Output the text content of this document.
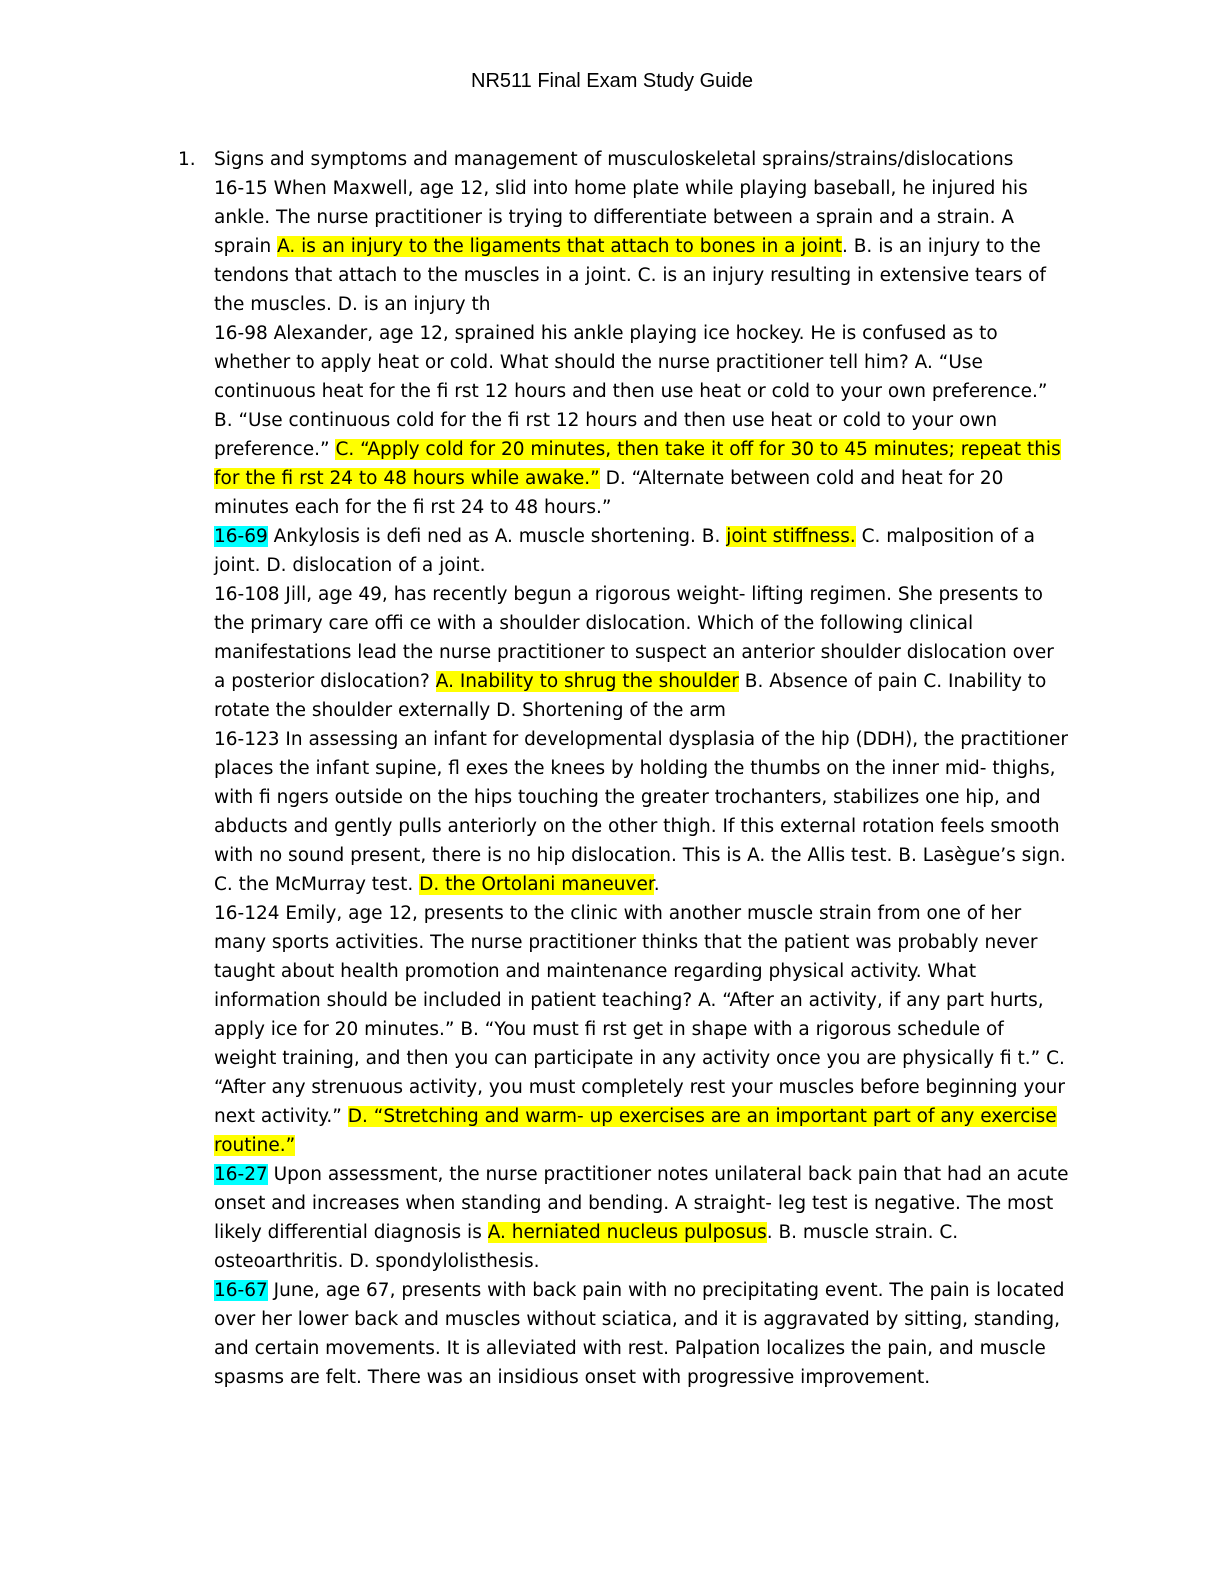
NR511 Final Exam Study Guide
1. Signs and symptoms and management of musculoskeletal sprains/strains/dislocations
16-15 When Maxwell, age 12, slid into home plate while playing baseball, he injured his ankle. The nurse practitioner is trying to differentiate between a sprain and a strain. A sprain A. is an injury to the ligaments that attach to bones in a joint. B. is an injury to the tendons that attach to the muscles in a joint. C. is an injury resulting in extensive tears of the muscles. D. is an injury th
16-98 Alexander, age 12, sprained his ankle playing ice hockey. He is confused as to whether to apply heat or cold. What should the nurse practitioner tell him? A. “Use continuous heat for the fi rst 12 hours and then use heat or cold to your own preference.” B. “Use continuous cold for the fi rst 12 hours and then use heat or cold to your own preference.” C. “Apply cold for 20 minutes, then take it off for 30 to 45 minutes; repeat this for the fi rst 24 to 48 hours while awake.” D. “Alternate between cold and heat for 20 minutes each for the fi rst 24 to 48 hours.”
16-69 Ankylosis is defi ned as A. muscle shortening. B. joint stiffness. C. malposition of a joint. D. dislocation of a joint.
16-108 Jill, age 49, has recently begun a rigorous weight- lifting regimen. She presents to the primary care offi ce with a shoulder dislocation. Which of the following clinical manifestations lead the nurse practitioner to suspect an anterior shoulder dislocation over a posterior dislocation? A. Inability to shrug the shoulder B. Absence of pain C. Inability to rotate the shoulder externally D. Shortening of the arm
16-123 In assessing an infant for developmental dysplasia of the hip (DDH), the practitioner places the infant supine, fl exes the knees by holding the thumbs on the inner mid- thighs, with fi ngers outside on the hips touching the greater trochanters, stabilizes one hip, and abducts and gently pulls anteriorly on the other thigh. If this external rotation feels smooth with no sound present, there is no hip dislocation. This is A. the Allis test. B. Lasègue’s sign. C. the McMurray test. D. the Ortolani maneuver.
16-124 Emily, age 12, presents to the clinic with another muscle strain from one of her many sports activities. The nurse practitioner thinks that the patient was probably never taught about health promotion and maintenance regarding physical activity. What information should be included in patient teaching? A. “After an activity, if any part hurts, apply ice for 20 minutes.” B. “You must fi rst get in shape with a rigorous schedule of weight training, and then you can participate in any activity once you are physically fi t.” C. “After any strenuous activity, you must completely rest your muscles before beginning your next activity.” D. “Stretching and warm- up exercises are an important part of any exercise routine.”
16-27 Upon assessment, the nurse practitioner notes unilateral back pain that had an acute onset and increases when standing and bending. A straight- leg test is negative. The most likely differential diagnosis is A. herniated nucleus pulposus. B. muscle strain. C. osteoarthritis. D. spondylolisthesis.
16-67 June, age 67, presents with back pain with no precipitating event. The pain is located over her lower back and muscles without sciatica, and it is aggravated by sitting, standing, and certain movements. It is alleviated with rest. Palpation localizes the pain, and muscle spasms are felt. There was an insidious onset with progressive improvement.
